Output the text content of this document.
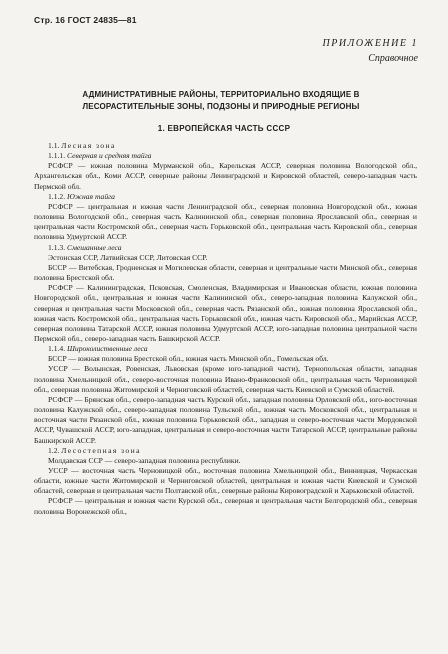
Стр. 16 ГОСТ 24835—81
ПРИЛОЖЕНИЕ 1
Справочное
АДМИНИСТРАТИВНЫЕ РАЙОНЫ, ТЕРРИТОРИАЛЬНО ВХОДЯЩИЕ В
ЛЕСОРАСТИТЕЛЬНЫЕ ЗОНЫ, ПОДЗОНЫ И ПРИРОДНЫЕ РЕГИОНЫ
1. ЕВРОПЕЙСКАЯ ЧАСТЬ СССР

1.1. Лесная зона

1.1.1. Северная и средняя тайга

РСФСР — южная половина Мурманской обл., Карельская АССР, северная половина Вологодской обл., Архангельская обл., Коми АССР, северные районы Ленинградской и Кировской областей, северо-западная часть Пермской обл.

1.1.2. Южная тайга

РСФСР — центральная и южная части Ленинградской обл., северная половина Новгородской обл., южная половина Вологодской обл., северная часть Калининской обл., северная половина Ярославской обл., северная и центральная части Костромской обл., северная часть Горьковской обл., центральная часть Кировской обл., северная половина Удмуртской АССР.

1.1.3. Смешанные леса

Эстонская ССР, Латвийская ССР, Литовская ССР.

БССР — Витебская, Гродненская и Могилевская области, северная и центральные части Минской обл., северная половина Брестской обл.

РСФСР — Калининградская, Псковская, Смоленская, Владимирская и Ивановская области, южная половина Новгородской обл., центральная и южная части Калининской обл., северо-западная половина Калужской обл., северная и центральная части Московской обл., северная часть Рязанской обл., южная половина Ярославской обл., южная часть Костромской обл., центральная часть Горьковской обл., южная часть Кировской обл., Марийская АССР, северная половина Татарской АССР, южная половина Удмуртской АССР, юго-западная половина центральной части Пермской обл., северо-западная часть Башкирской АССР.

1.1.4. Широколиственные леса

БССР — южная половина Брестской обл., южная часть Минской обл., Гомельская обл.

УССР — Волынская, Ровенская, Львовская (кроме юго-западной части), Тернопольская области, западная половина Хмельницкой обл., северо-восточная половина Ивано-Франковской обл., центральная часть Черновицкой обл., северная половина Житомирской и Черниговской областей, северная часть Киевской и Сумской областей.

РСФСР — Брянская обл., северо-западная часть Курской обл., западная половина Орловской обл., юго-восточная половина Калужской обл., северо-западная половина Тульской обл., южная часть Московской обл., центральная и восточная части Рязанской обл., южная половина Горьковской обл., западная и северо-восточная части Мордовской АССР, Чувашской АССР, юго-западная, центральная и северо-восточная части Татарской АССР, центральные районы Башкирской АССР.

1.2. Лесостепная зона

Молдавская ССР — северо-западная половина республики.

УССР — восточная часть Черновицкой обл., восточная половина Хмельницкой обл., Винницкая, Черкасская области, южные части Житомирской и Черниговской областей, центральная и южная части Киевской и Сумской областей, северная и центральная части Полтавской обл., северные районы Кировоградской и Харьковской областей.

РСФСР — центральная и южная части Курской обл., северная и центральная части Белгородской обл., северная половина Воронежской обл.,
